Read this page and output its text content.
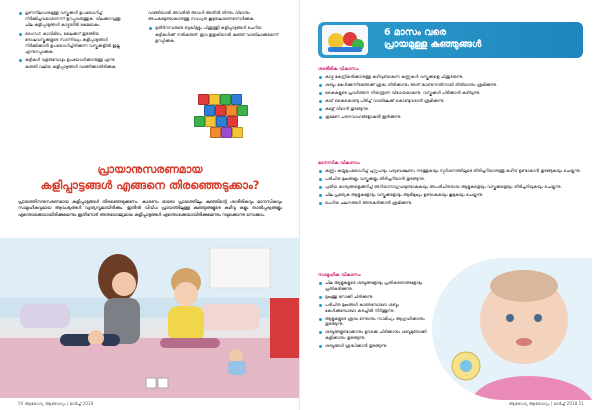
ഗുണനിലവാരമുള്ള വസ്തുക്കൾ ഉപയോഗിച്ച് നിർമ്മിച്ചവയാണെന്ന് ഉറപ്പുവരുത്തുക. വിലക്കുറവുള്ള ചില കളിപ്പാട്ടങ്ങൾ കാഴ്ചയിൽ കേമമാകും.
ഗൈഡ്, കാവിമിഠം, ലൈക്കറ് തുടങ്ങിയ ദോഷവസ്തുക്കളുടെ സാന്നിദ്ധ്യം കളിപ്പാട്ടങ്ങൾ നിർമ്മിക്കാൻ ഉപയോഗിച്ചിരിക്കുന്ന വസ്തുക്കളിൽ ഇല്ല എന്നുറപ്പാക്കുക.
കുട്ടികൾ വളരുമ്പോഴും ഉപയോഗിക്കാനുള്ള എന്നു കരുതി വലിയ കളിപ്പാട്ടങ്ങൾ വാങ്ങിക്കാതിരിക്കുക.

വാങ്ങിയാൽ അവരിൽ അവൾ അതിൽ തിന്നും വീഴാനും അപകടമുണ്ടാകാനുള്ള സാധ്യത കൂടുതലാണെന്നോർക്കുക.

മുതിർന്നവരുടെ ബുദ്ധിമുട്ടും പിന്തുള്ളി കളിപ്പാട്ടങ്ങൾ ചെറിയ കുട്ടികൾക്ക് നൽകരുത്. ഇവ ഇളകിയാൽ കുഞ്ഞ് വായിലാക്കുമെന്ന് ഉറപ്പിക്കുക.
പ്രായാനുസരണമായ
കളിപ്പാട്ടങ്ങൾ എങ്ങനെ തിരഞ്ഞെടുക്കാം?

പ്രായത്തിനനുസരണമായ കളിപ്പാട്ടങ്ങൾ തിരഞ്ഞെടുക്കണം. കാരണം ഓരോ പ്രായത്തിലും കുഞ്ഞിന്റെ ശാരീരികവും മാനസികവും സാമൂഹികവുമായ ആവശ്യങ്ങൾ വ്യത്യസ്തമായിരിക്കും. ഇതിൽ വിവിധ പ്രായത്തിലുള്ള കുഞ്ഞുങ്ങളുടെ കഴിവു കളും താൽപ്പര്യങ്ങളും എന്തൊക്കെയായിരിക്കുമെന്നും ഇതിനോട് അനുയോജ്യമായ കളിപ്പാട്ടങ്ങൾ എന്തൊക്കെയായിരിക്കുമെന്നും നമുക്കൊന്നു നോക്കാം.

50 ആരോഗ്യ ആരോഗ്യം | മാർച്ച് 2018
6 മാസം വരെ
പ്രായമുള്ള കുഞ്ഞുങ്ങൾ
ശാരീരിക വികാസം
കാഴ്ച കേന്ദ്രീകരിക്കാനുള്ള കഴിവുണ്ടാകുന്ന കണ്ണുകൾ വസ്തുക്കളെ പിന്തുടരുന്നു.
ശബ്ദം കേൾക്കുന്നിടത്തേക്ക് ശ്രദ്ധ തിരിക്കാനും അത് കാണുന്നതിനായി തിരിയാനും ശ്രമിക്കുന്നു.
കൈകളുടെ പ്രവർത്തന നിയന്ത്രണ വിധേയമാകുന്നു. വസ്തുക്കൾ പിടിക്കാൻ കഴിയുന്നു.
കയ് കൈകൊണ്ടു പിടിച്ച് വായിലേക്ക് കൊണ്ടുവരാൻ ശ്രമിക്കുന്നു.
കമഴ്ന്ന് വീഴാൻ തുടങ്ങുന്നു.
ക്രമേണ ചരനവാഹങ്ങളാകുൽ ഇരിക്കുന്നു.
മാനസിക വികാസം
കണ്ണും കയ്യുമുപയോഗിച്ച് ചുറ്റുപാടും പര്യവേക്ഷണം നടത്തുകയും സ്പർശനത്തിലൂടെ തിരിച്ചറിയാനുള്ള കഴിവ് ഉണ്ടാകാൻ തുടങ്ങുകയും ചെയ്യുന്നു.
പരിചിത മുഖങ്ങളും വസ്തുക്കളും തിരിച്ചറിയാൻ തുടങ്ങുന്നു.
പുതിയ കാര്യങ്ങളെക്കുറിച്ച് അറിയാനാഗ്രഹമുണ്ടാകുകയും അപരിചിതരായ ആളുകളെയും വസ്തുക്കളെയും തിരിച്ചറിയുകയും ചെയ്യുന്നു.
ചില പ്രത്യേക ആളുകളോടും വസ്തുക്കളോടും ആഭിമുഖ്യം ഉണ്ടാകുകയും കൂടുകയും ചെയ്യുന്നു.
ചെറിയ ചലനങ്ങൾ അനുകരിക്കാൻ ശ്രമിക്കുന്നു.
സാമൂഹിക വികാസം
ചില ആളുകളുടെ ശബ്ദങ്ങളോടും പ്രതികരണങ്ങളോടും പ്രതികരിക്കുന്നു.
മുഖത്തു നോക്കി ചിരിക്കുന്നു.
പരിചിത മുഖങ്ങൾ കാണുമ്പോഴോ ശബ്ദം കേൾക്കുമ്പോഴോ കരച്ചിൽ നിർത്തുന്നു.
ആളുകളുടെ ശ്രദ്ധ നേടാനും സാമീപ്യം ആഗ്രഹിക്കാനും തുടങ്ങുന്നു.
ശബ്ദങ്ങളുണ്ടാക്കാനും ഉറക്കെ ചിരിക്കാനും ശബ്ദമുണ്ടാക്കി കളിക്കാനും തുടങ്ങുന്നു.
ശബ്ദങ്ങൾ ശ്രദ്ധിക്കാൻ തുടങ്ങുന്നു.
ആരോഗ്യ ആരോഗ്യം | മാർച്ച് 2018 51
